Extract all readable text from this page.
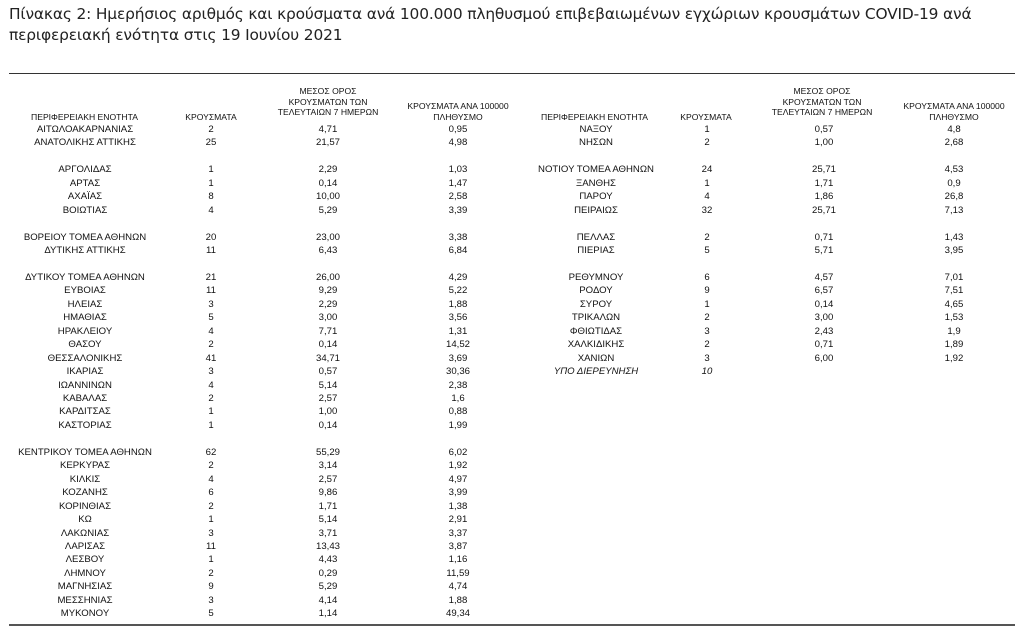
Πίνακας 2: Ημερήσιος αριθμός και κρούσματα ανά 100.000 πληθυσμού επιβεβαιωμένων εγχώριων κρουσμάτων COVID-19 ανά περιφερειακή ενότητα στις 19 Ιουνίου 2021
ΠΕΡΙΦΕΡΕΙΑΚΗ ΕΝΟΤΗΤΑ	ΚΡΟΥΣΜΑΤΑ
ΜΕΣΟΣ ΟΡΟΣ ΚΡΟΥΣΜΑΤΩΝ ΤΩΝ ΤΕΛΕΥΤΑΙΩΝ 7 ΗΜΕΡΩΝ
ΚΡΟΥΣΜΑΤΑ ΑΝΑ 100000 ΠΛΗΘΥΣΜΟ	ΠΕΡΙΦΕΡΕΙΑΚΗ ΕΝΟΤΗΤΑ	ΚΡΟΥΣΜΑΤΑ
ΜΕΣΟΣ ΟΡΟΣ ΚΡΟΥΣΜΑΤΩΝ ΤΩΝ ΤΕΛΕΥΤΑΙΩΝ 7 ΗΜΕΡΩΝ
ΚΡΟΥΣΜΑΤΑ ΑΝΑ 100000 ΠΛΗΘΥΣΜΟ
ΑΙΤΩΛΟΑΚΑΡΝΑΝΙΑΣ	2	4,71	0,95
ΑΝΑΤΟΛΙΚΗΣ ΑΤΤΙΚΗΣ	25	21,57	4,98
ΑΡΓΟΛΙΔΑΣ	1	2,29	1,03
ΑΡΤΑΣ	1	0,14	1,47
ΑΧΑΪΑΣ	8	10,00	2,58
ΒΟΙΩΤΙΑΣ	4	5,29	3,39
ΒΟΡΕΙΟΥ ΤΟΜΕΑ ΑΘΗΝΩΝ	20	23,00	3,38
ΔΥΤΙΚΗΣ ΑΤΤΙΚΗΣ	11	6,43	6,84
ΔΥΤΙΚΟΥ ΤΟΜΕΑ ΑΘΗΝΩΝ	21	26,00	4,29
ΕΥΒΟΙΑΣ	11	9,29	5,22
ΗΛΕΙΑΣ	3	2,29	1,88
ΗΜΑΘΙΑΣ	5	3,00	3,56
ΗΡΑΚΛΕΙΟΥ	4	7,71	1,31
ΘΑΣΟΥ	2	0,14	14,52
ΘΕΣΣΑΛΟΝΙΚΗΣ	41	34,71	3,69
ΙΚΑΡΙΑΣ	3	0,57	30,36
ΙΩΑΝΝΙΝΩΝ	4	5,14	2,38
ΚΑΒΑΛΑΣ	2	2,57	1,6
ΚΑΡΔΙΤΣΑΣ	1	1,00	0,88
ΚΑΣΤΟΡΙΑΣ	1	0,14	1,99
ΚΕΝΤΡΙΚΟΥ ΤΟΜΕΑ ΑΘΗΝΩΝ	62	55,29	6,02
ΚΕΡΚΥΡΑΣ	2	3,14	1,92
ΚΙΛΚΙΣ	4	2,57	4,97
ΚΟΖΑΝΗΣ	6	9,86	3,99
ΚΟΡΙΝΘΙΑΣ	2	1,71	1,38
ΚΩ	1	5,14	2,91
ΛΑΚΩΝΙΑΣ	3	3,71	3,37
ΛΑΡΙΣΑΣ	11	13,43	3,87
ΛΕΣΒΟΥ	1	4,43	1,16
ΛΗΜΝΟΥ	2	0,29	11,59
ΜΑΓΝΗΣΙΑΣ	9	5,29	4,74
ΜΕΣΣΗΝΙΑΣ	3	4,14	1,88
ΜΥΚΟΝΟΥ	5	1,14	49,34
ΝΑΞΟΥ	1	0,57	4,8
ΝΗΣΩΝ	2	1,00	2,68
ΝΟΤΙΟΥ ΤΟΜΕΑ ΑΘΗΝΩΝ	24	25,71	4,53
ΞΑΝΘΗΣ	1	1,71	0,9
ΠΑΡΟΥ	4	1,86	26,8
ΠΕΙΡΑΙΩΣ	32	25,71	7,13
ΠΕΛΛΑΣ	2	0,71	1,43
ΠΙΕΡΙΑΣ	5	5,71	3,95
ΡΕΘΥΜΝΟΥ	6	4,57	7,01
ΡΟΔΟΥ	9	6,57	7,51
ΣΥΡΟΥ	1	0,14	4,65
ΤΡΙΚΑΛΩΝ	2	3,00	1,53
ΦΘΙΩΤΙΔΑΣ	3	2,43	1,9
ΧΑΛΚΙΔΙΚΗΣ	2	0,71	1,89
ΧΑΝΙΩΝ	3	6,00	1,92
ΥΠΟ ΔΙΕΡΕΥΝΗΣΗ	10
